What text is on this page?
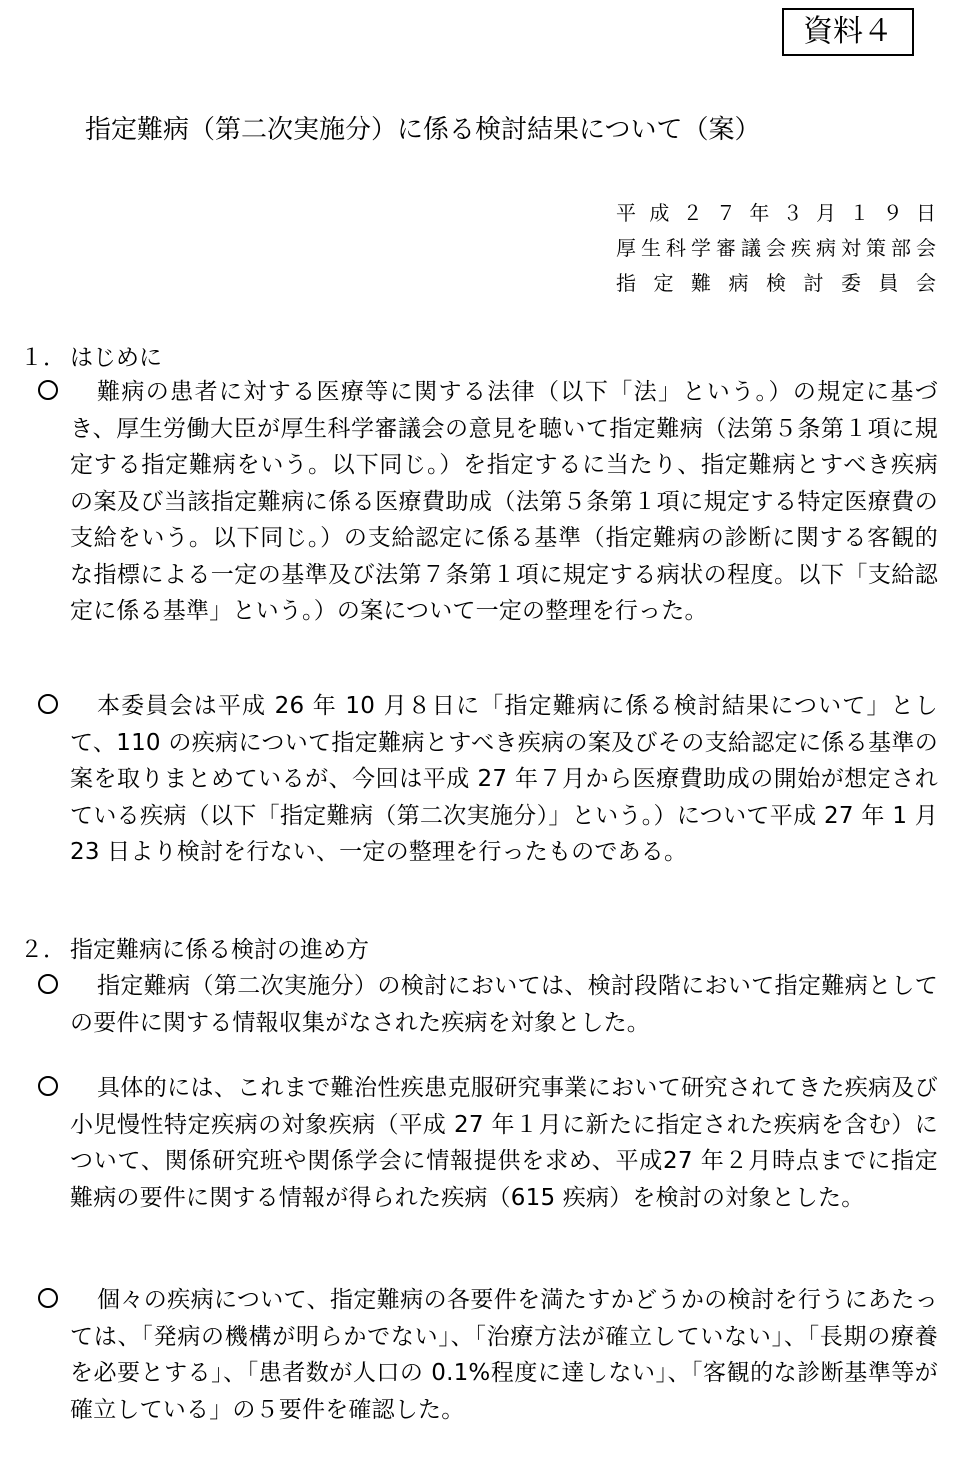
資料４
指定難病（第二次実施分）に係る検討結果について（案）
平成２７年３月１９日
厚生科学審議会疾病対策部会
指定難病検討委員会
１． はじめに
難病の患者に対する医療等に関する法律（以下「法」という。）の規定に基づき、厚生労働大臣が厚生科学審議会の意見を聴いて指定難病（法第５条第１項に規定する指定難病をいう。以下同じ。）を指定するに当たり、指定難病とすべき疾病の案及び当該指定難病に係る医療費助成（法第５条第１項に規定する特定医療費の支給をいう。以下同じ。）の支給認定に係る基準（指定難病の診断に関する客観的な指標による一定の基準及び法第７条第１項に規定する病状の程度。以下「支給認定に係る基準」という。）の案について一定の整理を行った。
本委員会は平成 26 年 10 月８日に「指定難病に係る検討結果について」として、110 の疾病について指定難病とすべき疾病の案及びその支給認定に係る基準の案を取りまとめているが、今回は平成 27 年７月から医療費助成の開始が想定されている疾病（以下「指定難病（第二次実施分）」という。）について平成 27 年 1 月 23 日より検討を行ない、一定の整理を行ったものである。
２． 指定難病に係る検討の進め方
指定難病（第二次実施分）の検討においては、検討段階において指定難病としての要件に関する情報収集がなされた疾病を対象とした。
具体的には、これまで難治性疾患克服研究事業において研究されてきた疾病及び小児慢性特定疾病の対象疾病（平成 27 年１月に新たに指定された疾病を含む）について、関係研究班や関係学会に情報提供を求め、平成27 年２月時点までに指定難病の要件に関する情報が得られた疾病（615 疾病）を検討の対象とした。
個々の疾病について、指定難病の各要件を満たすかどうかの検討を行うにあたっては、「発病の機構が明らかでない」、「治療方法が確立していない」、「長期の療養を必要とする」、「患者数が人口の 0.1%程度に達しない」、「客観的な診断基準等が確立している」の５要件を確認した。
